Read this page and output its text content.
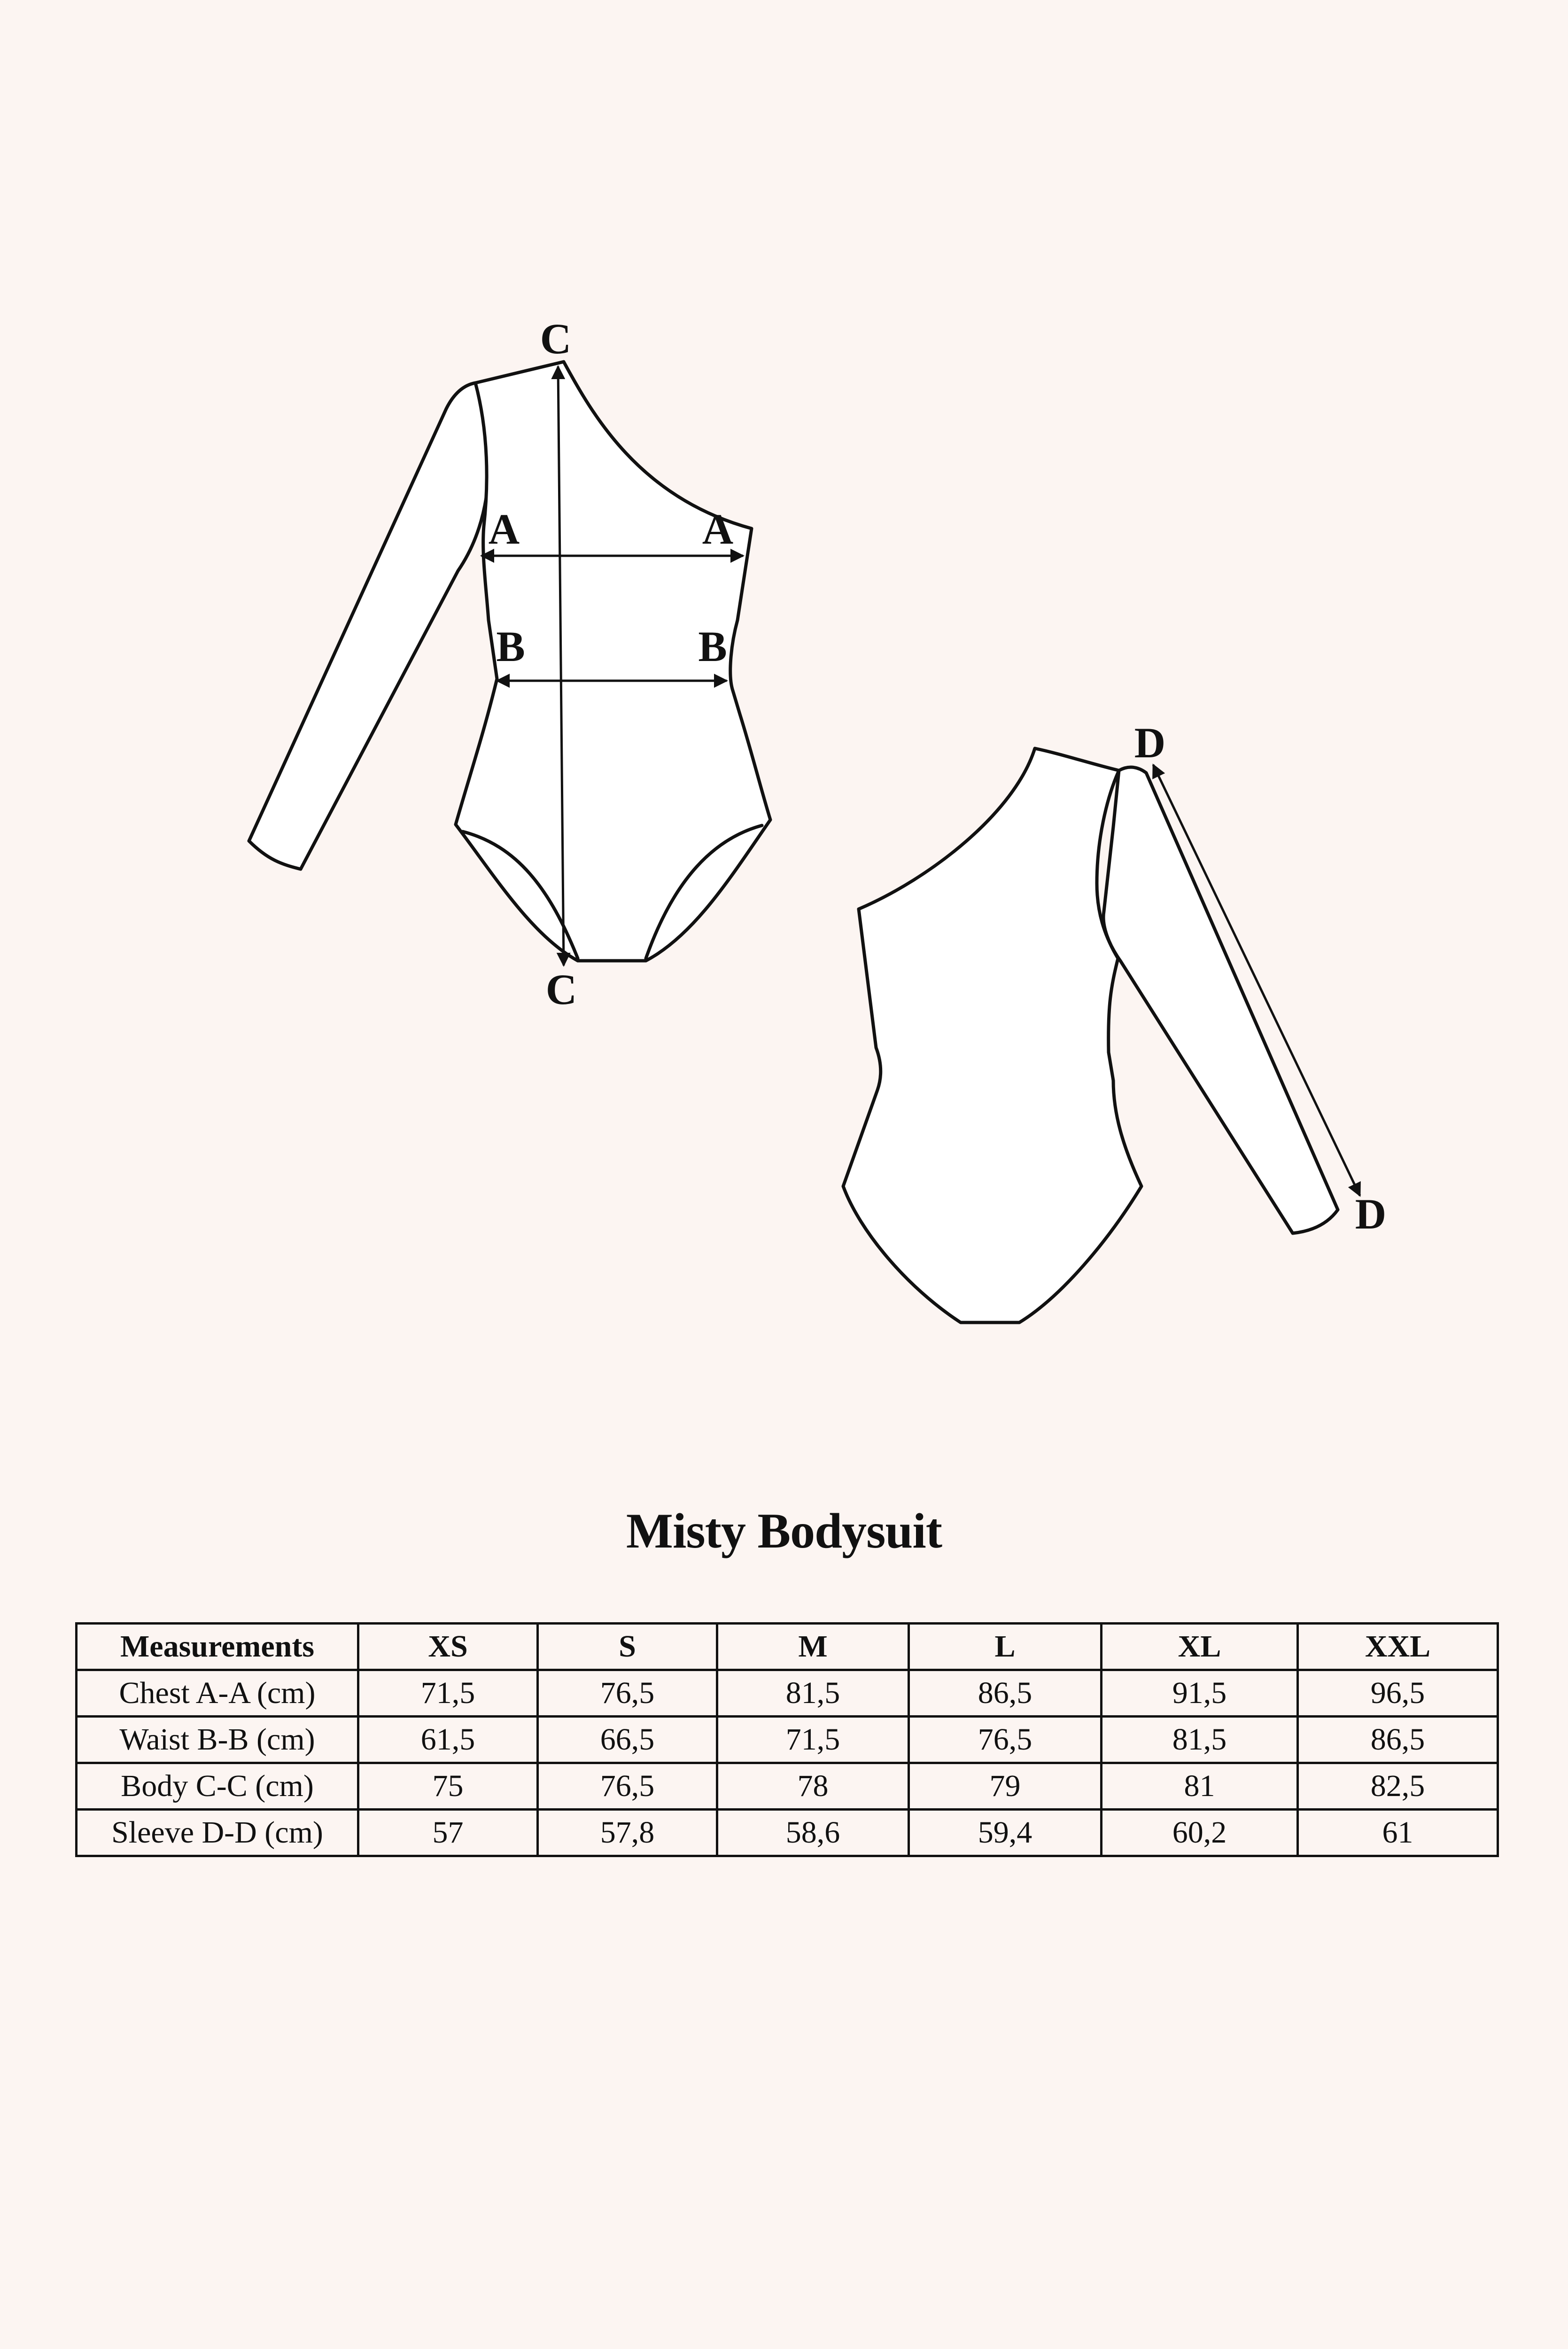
C
C
A	A
B	B
D
D
Misty Bodysuit
Measurements	XS	S	M	L	XL	XXL
Chest A-A (cm)	71,5	76,5	81,5	86,5	91,5	96,5
Waist B-B (cm)	61,5	66,5	71,5	76,5	81,5	86,5
Body C-C (cm)	75	76,5	78	79	81	82,5
Sleeve D-D (cm)	57	57,8	58,6	59,4	60,2	61
